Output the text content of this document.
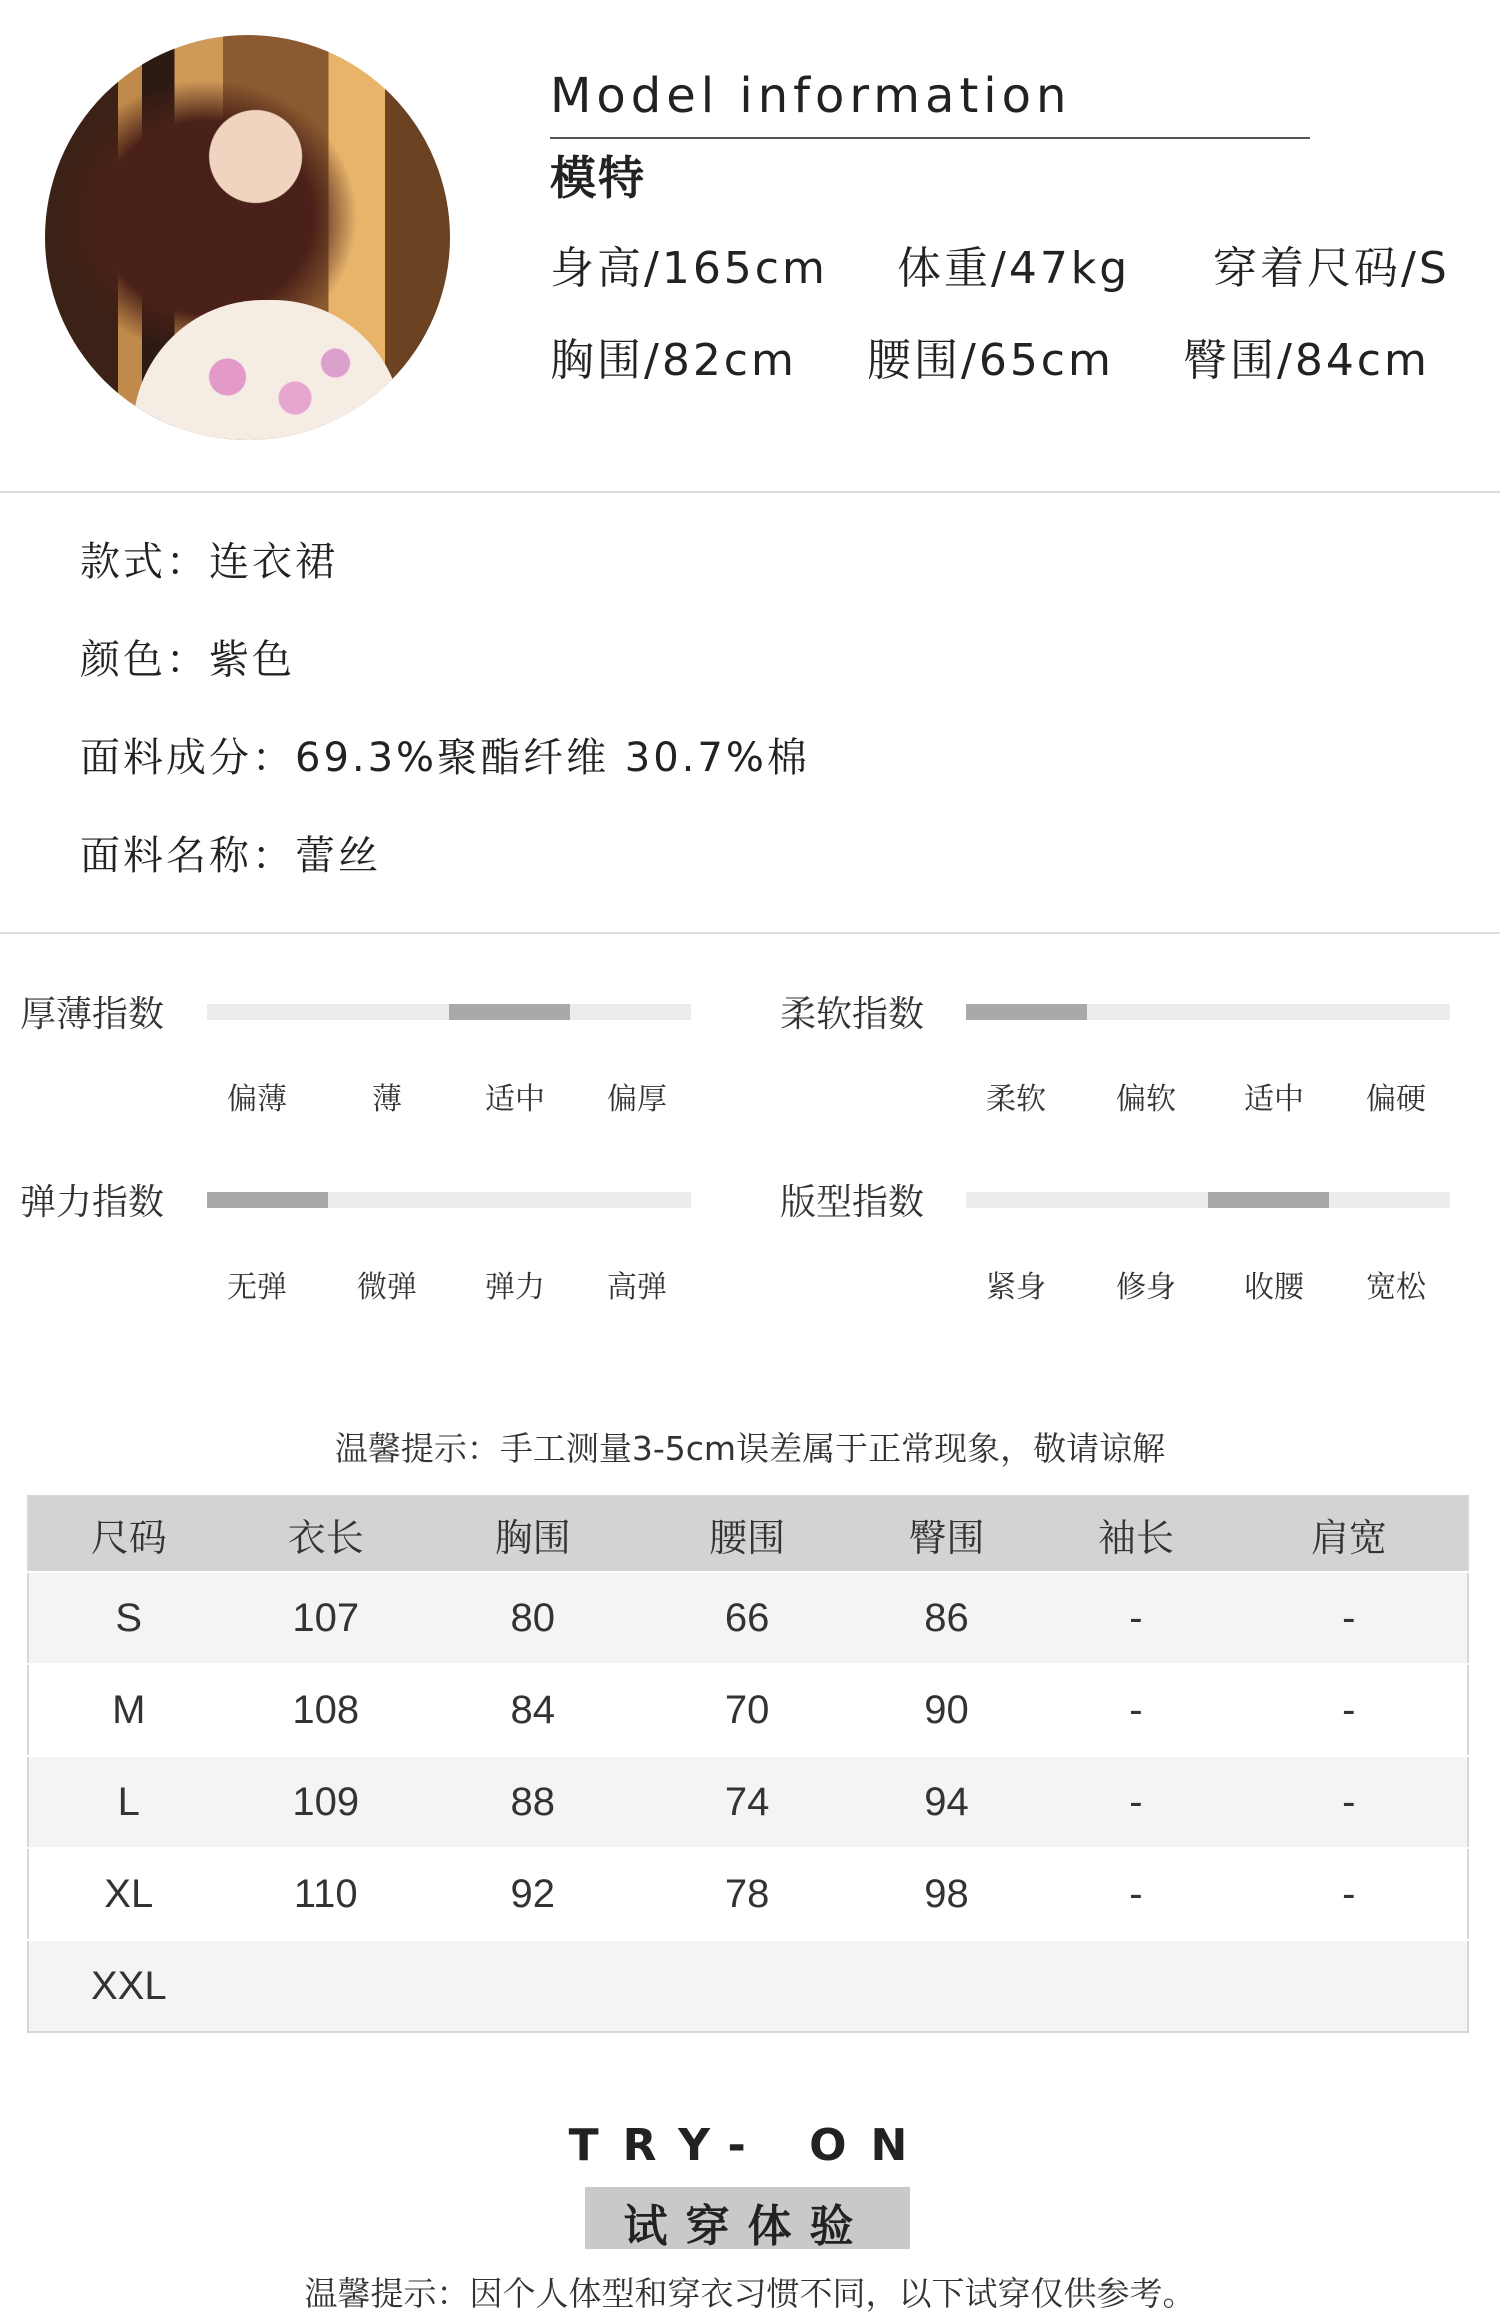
Model information
模特
身高/165cm 体重/47kg 穿着尺码/S
胸围/82cm 腰围/65cm 臀围/84cm
款式：连衣裙
颜色：紫色
面料成分：69.3%聚酯纤维 30.7%棉
面料名称：蕾丝
温馨提示：手工测量3-5cm误差属于正常现象，敬请谅解
尺码	衣长	胸围	腰围	臀围	袖长	肩宽
S	107	80	66	86	-	-
M	108	84	70	90	-	-
L	109	88	74	94	-	-
XL	110	92	78	98	-	-
XXL						
TRY- ON
试穿体验
温馨提示：因个人体型和穿衣习惯不同，以下试穿仅供参考。
厚薄指数
偏薄	薄	适中 偏厚
柔软指数
柔软 偏软 适中 偏硬
弹力指数
无弹 微弹 弹力 高弹
版型指数
紧身 修身 收腰 宽松
